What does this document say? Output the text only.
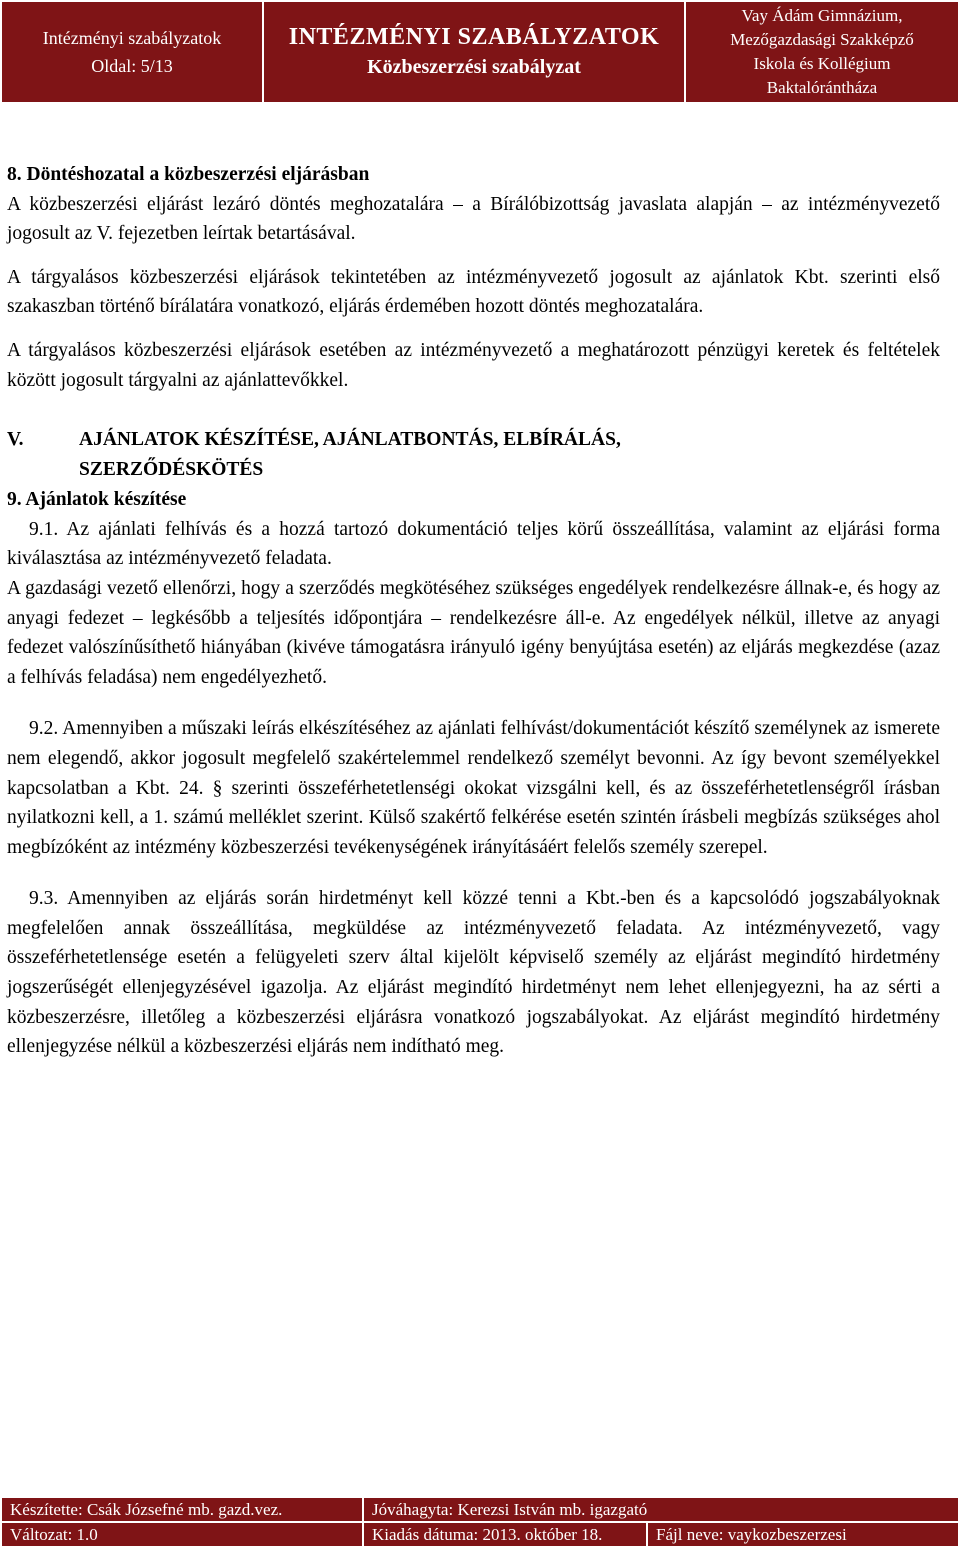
Intézményi szabályzatok
Oldal: 5/13
INTÉZMÉNYI SZABÁLYZATOK
Közbeszerzési szabályzat
Vay Ádám Gimnázium,
Mezőgazdasági Szakképző
Iskola és Kollégium
Baktalórántháza

8. Döntéshozatal a közbeszerzési eljárásban

A közbeszerzési eljárást lezáró döntés meghozatalára – a Bírálóbizottság javaslata alapján – az intézményvezető jogosult az V. fejezetben leírtak betartásával.

A tárgyalásos közbeszerzési eljárások tekintetében az intézményvezető jogosult az ajánlatok Kbt. szerinti első szakaszban történő bírálatára vonatkozó, eljárás érdemében hozott döntés meghozatalára.

A tárgyalásos közbeszerzési eljárások esetében az intézményvezető a meghatározott pénzügyi keretek és feltételek között jogosult tárgyalni az ajánlattevőkkel.

V.	AJÁNLATOK KÉSZÍTÉSE, AJÁNLATBONTÁS, ELBÍRÁLÁS,
SZERZŐDÉSKÖTÉS

9. Ajánlatok készítése

9.1. Az ajánlati felhívás és a hozzá tartozó dokumentáció teljes körű összeállítása, valamint az eljárási forma kiválasztása az intézményvezető feladata.

A gazdasági vezető ellenőrzi, hogy a szerződés megkötéséhez szükséges engedélyek rendelkezésre állnak-e, és hogy az anyagi fedezet – legkésőbb a teljesítés időpontjára – rendelkezésre áll-e. Az engedélyek nélkül, illetve az anyagi fedezet valószínűsíthető hiányában (kivéve támogatásra irányuló igény benyújtása esetén) az eljárás megkezdése (azaz a felhívás feladása) nem engedélyezhető.

9.2. Amennyiben a műszaki leírás elkészítéséhez az ajánlati felhívást/dokumentációt készítő személynek az ismerete nem elegendő, akkor jogosult megfelelő szakértelemmel rendelkező személyt bevonni. Az így bevont személyekkel kapcsolatban a Kbt. 24. § szerinti összeférhetetlenségi okokat vizsgálni kell, és az összeférhetetlenségről írásban nyilatkozni kell, a 1. számú melléklet szerint. Külső szakértő felkérése esetén szintén írásbeli megbízás szükséges ahol megbízóként az intézmény közbeszerzési tevékenységének irányításáért felelős személy szerepel.

9.3. Amennyiben az eljárás során hirdetményt kell közzé tenni a Kbt.-ben és a kapcsolódó jogszabályoknak megfelelően annak összeállítása, megküldése az intézményvezető feladata. Az intézményvezető, vagy összeférhetetlensége esetén a felügyeleti szerv által kijelölt képviselő személy az eljárást megindító hirdetmény jogszerűségét ellenjegyzésével igazolja. Az eljárást megindító hirdetményt nem lehet ellenjegyezni, ha az sérti a közbeszerzésre, illetőleg a közbeszerzési eljárásra vonatkozó jogszabályokat. Az eljárást megindító hirdetmény ellenjegyzése nélkül a közbeszerzési eljárás nem indítható meg.

Készítette: Csák Józsefné mb. gazd.vez.	Jóváhagyta: Kerezsi István mb. igazgató
Változat: 1.0	Kiadás dátuma: 2013. október 18.	Fájl neve: vaykozbeszerzesi
